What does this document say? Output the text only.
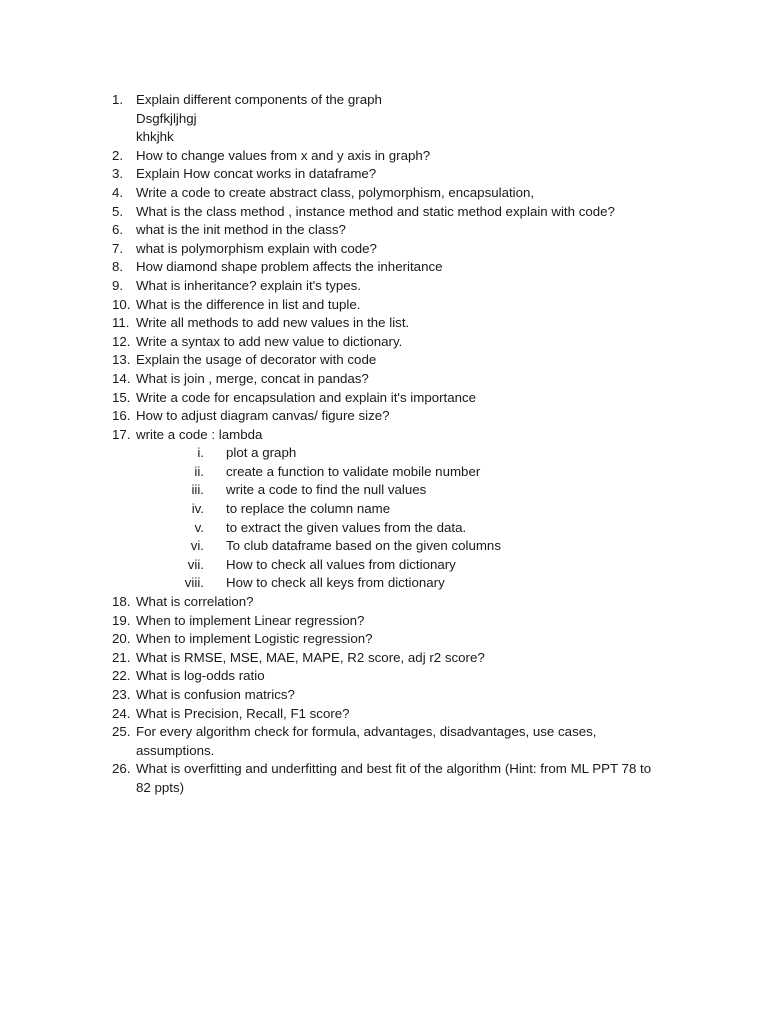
1. Explain different components of the graph
Dsgfkjljhgj
khkjhk
2. How to change values from x and y axis in graph?
3. Explain How concat works in dataframe?
4. Write a code to create abstract class, polymorphism, encapsulation,
5. What is the class method , instance method and static method explain with code?
6. what is the init method in the class?
7. what is polymorphism explain with code?
8. How diamond shape problem affects the inheritance
9. What is inheritance? explain it's types.
10. What is the difference in list and tuple.
11. Write all methods to add new values in the list.
12. Write a syntax to add new value to dictionary.
13. Explain the usage of decorator with code
14. What is join , merge, concat in pandas?
15. Write a code for encapsulation and explain it's importance
16. How to adjust diagram canvas/ figure size?
17. write a code : lambda
i. plot a graph
ii. create a function to validate mobile number
iii. write a code to find the null values
iv. to replace the column name
v. to extract the given values from the data.
vi. To club dataframe based on the given columns
vii. How to check all values from dictionary
viii. How to check all keys from dictionary
18. What is correlation?
19. When to implement Linear regression?
20. When to implement Logistic regression?
21. What is RMSE, MSE, MAE, MAPE, R2 score, adj r2 score?
22. What is log-odds ratio
23. What is confusion matrics?
24. What is Precision, Recall, F1 score?
25. For every algorithm check for formula, advantages, disadvantages, use cases,
assumptions.
26. What is overfitting and underfitting and best fit of the algorithm (Hint: from ML PPT 78 to
82 ppts)
